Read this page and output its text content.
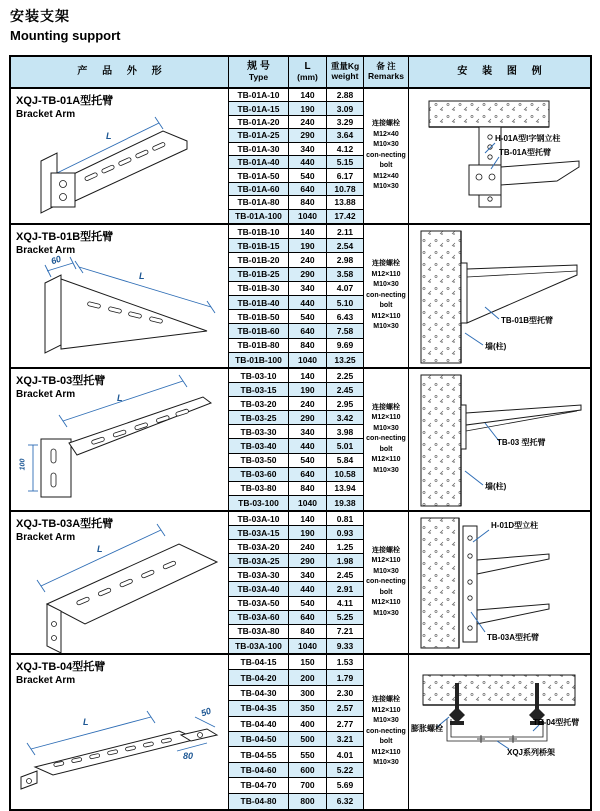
安装支架
Mounting support
产 品 外 形	规 号
Type
L
(mm)
重量Kg
weight
备 注
Remarks	安 装 图 例
XQJ-TB-01A型托臂
Bracket Arm
L
TB-01A-10	140	2.88
TB-01A-15	190	3.09
TB-01A-20	240	3.29
TB-01A-25	290	3.64
TB-01A-30	340	4.12
TB-01A-40	440	5.15
TB-01A-50	540	6.17
TB-01A-60	640	10.78
TB-01A-80	840	13.88
TB-01A-100	1040	17.42
连接螺栓
M12×40
M10×30
con-necting
bolt
M12×40
M10×30
H-01A型I字钢立柱
TB-01A型托臂
XQJ-TB-01B型托臂
Bracket Arm
60
L
TB-01B-10	140	2.11
TB-01B-15	190	2.54
TB-01B-20	240	2.98
TB-01B-25	290	3.58
TB-01B-30	340	4.07
TB-01B-40	440	5.10
TB-01B-50	540	6.43
TB-01B-60	640	7.58
TB-01B-80	840	9.69
TB-01B-100	1040	13.25
连接螺栓
M12×110
M10×30
con-necting
bolt
M12×110
M10×30
TB-01B型托臂
墙(柱)
XQJ-TB-03型托臂
Bracket Arm	L
100
TB-03-10	140	2.25
TB-03-15	190	2.45
TB-03-20	240	2.95
TB-03-25	290	3.42
TB-03-30	340	3.98
TB-03-40	440	5.01
TB-03-50	540	5.84
TB-03-60	640	10.58
TB-03-80	840	13.94
TB-03-100	1040	19.38
连接螺栓
M12×110
M10×30
con-necting
bolt
M12×110
M10×30
TB-03 型托臂
墙(柱)
XQJ-TB-03A型托臂
Bracket Arm
L
TB-03A-10	140	0.81
TB-03A-15	190	0.93
TB-03A-20	240	1.25
TB-03A-25	290	1.98
TB-03A-30	340	2.45
TB-03A-40	440	2.91
TB-03A-50	540	4.11
TB-03A-60	640	5.25
TB-03A-80	840	7.21
TB-03A-100	1040	9.33
连接螺栓
M12×110
M10×30
con-necting
bolt
M12×110
M10×30
H-01D型立柱
TB-03A型托臂
XQJ-TB-04型托臂
Bracket Arm
L
50
80
TB-04-15	150	1.53
TB-04-20	200	1.79
TB-04-30	300	2.30
TB-04-35	350	2.57
TB-04-40	400	2.77
TB-04-50	500	3.21
TB-04-55	550	4.01
TB-04-60	600	5.22
TB-04-70	700	5.69
TB-04-80	800	6.32
连接螺栓
M12×110
M10×30
con-necting
bolt
M12×110
M10×30
膨胀螺栓
TB-04型托臂
XQJ系列桥架
